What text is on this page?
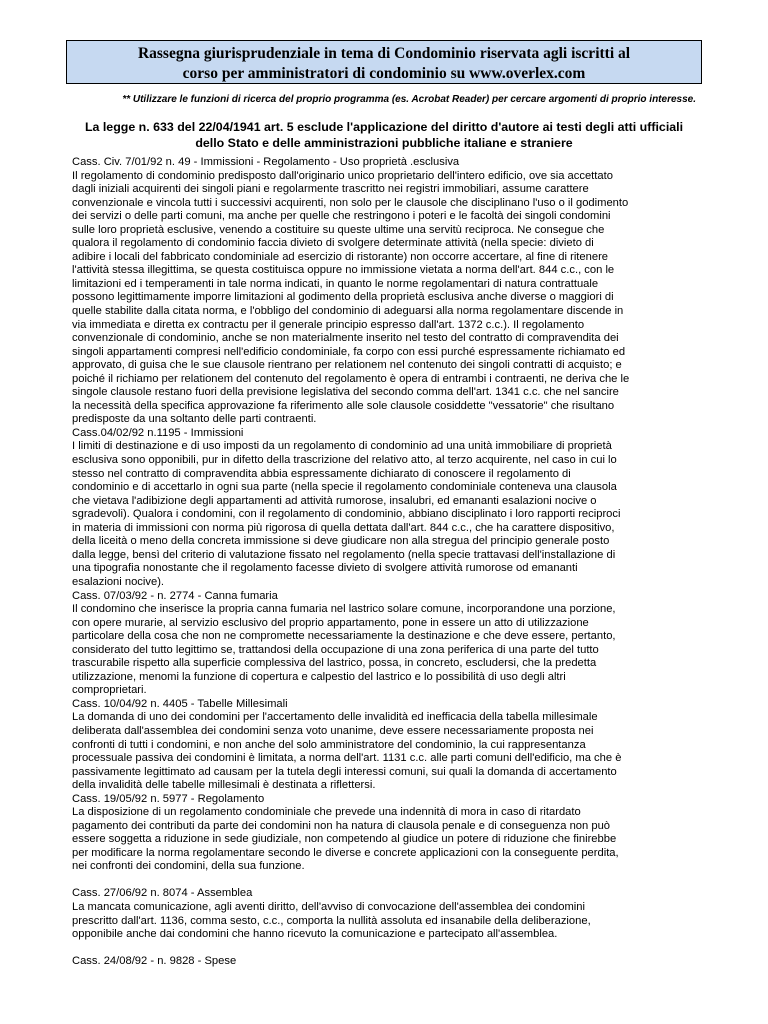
Rassegna giurisprudenziale in tema di Condominio riservata agli iscritti al
corso per amministratori di condominio su www.overlex.com
** Utilizzare le funzioni di ricerca del proprio programma (es. Acrobat Reader) per cercare argomenti di proprio interesse.
La legge n. 633 del 22/04/1941 art. 5 esclude l'applicazione del diritto d'autore ai testi degli atti ufficiali
dello Stato e delle amministrazioni pubbliche italiane e straniere
Cass. Civ. 7/01/92 n. 49 - Immissioni - Regolamento - Uso proprietà .esclusiva
Il regolamento di condominio predisposto dall'originario unico proprietario dell'intero edificio, ove sia accettato
dagli iniziali acquirenti dei singoli piani e regolarmente trascritto nei registri immobiliari, assume carattere
convenzionale e vincola tutti i successivi acquirenti, non solo per le clausole che disciplinano l'uso o il godimento
dei servizi o delle parti comuni, ma anche per quelle che restringono i poteri e le facoltà dei singoli condomini
sulle loro proprietà esclusive, venendo a costituire su queste ultime una servitù reciproca. Ne consegue che
qualora il regolamento di condominio faccia divieto di svolgere determinate attività (nella specie: divieto di
adibire i locali del fabbricato condominiale ad esercizio di ristorante) non occorre accertare, al fine di ritenere
l'attività stessa illegittima, se questa costituisca oppure no immissione vietata a norma dell'art. 844 c.c., con le
limitazioni ed i temperamenti in tale norma indicati, in quanto le norme regolamentari di natura contrattuale
possono legittimamente imporre limitazioni al godimento della proprietà esclusiva anche diverse o maggiori di
quelle stabilite dalla citata norma, e l'obbligo del condominio di adeguarsi alla norma regolamentare discende in
via immediata e diretta ex contractu per il generale principio espresso dall'art. 1372 c.c.). Il regolamento
convenzionale di condominio, anche se non materialmente inserito nel testo del contratto di compravendita dei
singoli appartamenti compresi nell'edificio condominiale, fa corpo con essi purché espressamente richiamato ed
approvato, di guisa che le sue clausole rientrano per relationem nel contenuto dei singoli contratti di acquisto; e
poiché il richiamo per relationem del contenuto del regolamento è opera di entrambi i contraenti, ne deriva che le
singole clausole restano fuori della previsione legislativa del secondo comma dell'art. 1341 c.c. che nel sancire
la necessità della specifica approvazione fa riferimento alle sole clausole cosiddette "vessatorie" che risultano
predisposte da una soltanto delle parti contraenti.
Cass.04/02/92 n.1195 - Immissioni
I limiti di destinazione e di uso imposti da un regolamento di condominio ad una unità immobiliare di proprietà
esclusiva sono opponibili, pur in difetto della trascrizione del relativo atto, al terzo acquirente, nel caso in cui lo
stesso nel contratto di compravendita abbia espressamente dichiarato di conoscere il regolamento di
condominio e di accettarlo in ogni sua parte (nella specie il regolamento condominiale conteneva una clausola
che vietava l'adibizione degli appartamenti ad attività rumorose, insalubri, ed emananti esalazioni nocive o
sgradevoli). Qualora i condomini, con il regolamento di condominio, abbiano disciplinato i loro rapporti reciproci
in materia di immissioni con norma più rigorosa di quella dettata dall'art. 844 c.c., che ha carattere dispositivo,
della liceità o meno della concreta immissione si deve giudicare non alla stregua del principio generale posto
dalla legge, bensì del criterio di valutazione fissato nel regolamento (nella specie trattavasi dell'installazione di
una tipografia nonostante che il regolamento facesse divieto di svolgere attività rumorose od emananti
esalazioni nocive).
Cass. 07/03/92 - n. 2774 - Canna fumaria
Il condomino che inserisce la propria canna fumaria nel lastrico solare comune, incorporandone una porzione,
con opere murarie, al servizio esclusivo del proprio appartamento, pone in essere un atto di utilizzazione
particolare della cosa che non ne compromette necessariamente la destinazione e che deve essere, pertanto,
considerato del tutto legittimo se, trattandosi della occupazione di una zona periferica di una parte del tutto
trascurabile rispetto alla superficie complessiva del lastrico, possa, in concreto, escludersi, che la predetta
utilizzazione, menomi la funzione di copertura e calpestio del lastrico e lo possibilità di uso degli altri
comproprietari.
Cass. 10/04/92 n. 4405 - Tabelle Millesimali
La domanda di uno dei condomini per l'accertamento delle invalidità ed inefficacia della tabella millesimale
deliberata dall'assemblea dei condomini senza voto unanime, deve essere necessariamente proposta nei
confronti di tutti i condomini, e non anche del solo amministratore del condominio, la cui rappresentanza
processuale passiva dei condomini è limitata, a norma dell'art. 1131 c.c. alle parti comuni dell'edificio, ma che è
passivamente legittimato ad causam per la tutela degli interessi comuni, sui quali la domanda di accertamento
della invalidità delle tabelle millesimali è destinata a riflettersi.
Cass. 19/05/92 n. 5977 - Regolamento
La disposizione di un regolamento condominiale che prevede una indennità di mora in caso di ritardato
pagamento dei contributi da parte dei condomini non ha natura di clausola penale e di conseguenza non può
essere soggetta a riduzione in sede giudiziale, non competendo al giudice un potere di riduzione che finirebbe
per modificare la norma regolamentare secondo le diverse e concrete applicazioni con la conseguente perdita,
nei confronti dei condomini, della sua funzione.
Cass. 27/06/92 n. 8074 - Assemblea
La mancata comunicazione, agli aventi diritto, dell'avviso di convocazione dell'assemblea dei condomini
prescritto dall'art. 1136, comma sesto, c.c., comporta la nullità assoluta ed insanabile della deliberazione,
opponibile anche dai condomini che hanno ricevuto la comunicazione e partecipato all'assemblea.
Cass. 24/08/92 - n. 9828 - Spese
